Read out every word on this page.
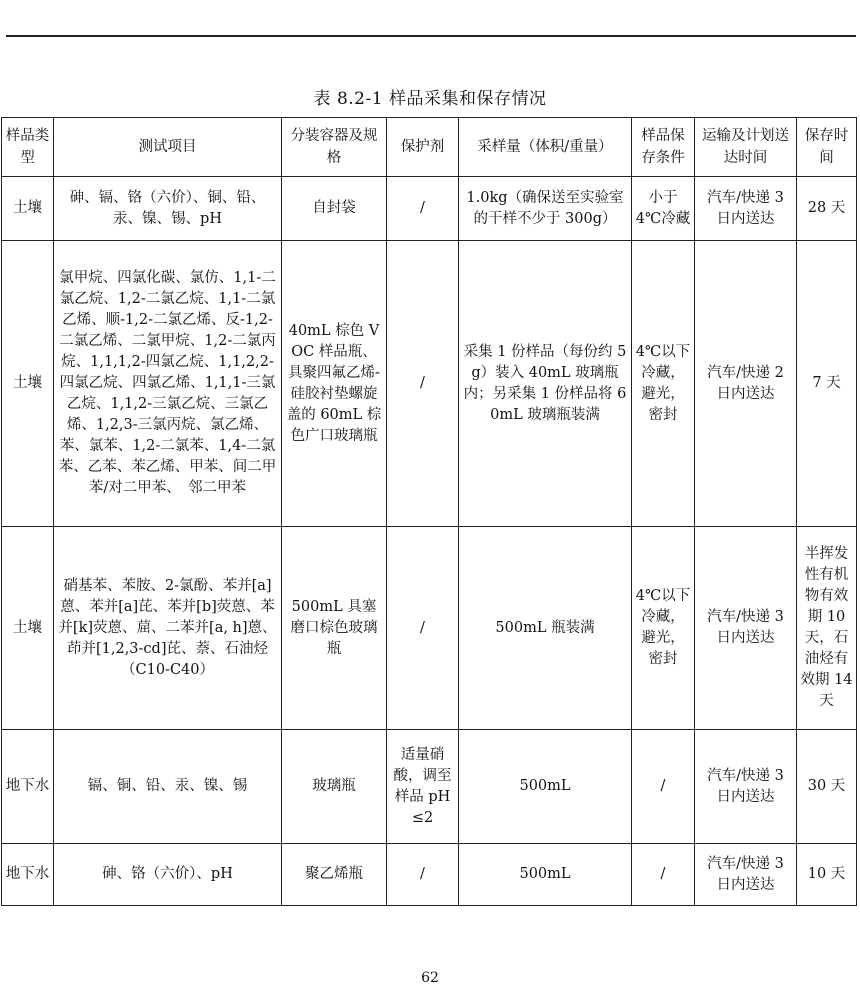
表 8.2-1 样品采集和保存情况
样品类型	测试项目	分装容器及规格	保护剂	采样量（体积/重量）	样品保存条件	运输及计划送达时间	保存时间
土壤	砷、镉、铬（六价）、铜、铅、汞、镍、锡、pH	自封袋	/	1.0kg（确保送至实验室的干样不少于 300g）	小于 4℃冷藏	汽车/快递 3 日内送达	28 天
土壤	氯甲烷、四氯化碳、氯仿、1,1-二氯乙烷、1,2-二氯乙烷、1,1-二氯乙烯、顺-1,2-二氯乙烯、反-1,2-二氯乙烯、二氯甲烷、1,2-二氯丙烷、1,1,1,2-四氯乙烷、1,1,2,2-四氯乙烷、四氯乙烯、1,1,1-三氯乙烷、1,1,2-三氯乙烷、三氯乙烯、1,2,3-三氯丙烷、氯乙烯、苯、氯苯、1,2-二氯苯、1,4-二氯苯、乙苯、苯乙烯、甲苯、间二甲苯/对二甲苯、　邻二甲苯	40mL 棕色 VOC 样品瓶、具聚四氟乙烯-硅胶衬垫螺旋盖的 60mL 棕色广口玻璃瓶	/	采集 1 份样品（每份约 5g）装入 40mL 玻璃瓶内；另采集 1 份样品将 60mL 玻璃瓶装满	4℃以下冷藏，避光，密封	汽车/快递 2 日内送达	7 天
土壤	硝基苯、苯胺、2-氯酚、苯并[a]蒽、苯并[a]芘、苯并[b]荧蒽、苯并[k]荧蒽、䓛、二苯并[a, h]蒽、茚并[1,2,3-cd]芘、萘、石油烃（C10-C40）	500mL 具塞磨口棕色玻璃瓶	/	500mL 瓶装满	4℃以下冷藏，避光，密封	汽车/快递 3 日内送达	半挥发性有机物有效期 10 天，石油烃有效期 14 天
地下水	镉、铜、铅、汞、镍、锡	玻璃瓶	适量硝酸，调至样品 pH≤2	500mL	/	汽车/快递 3 日内送达	30 天
地下水	砷、铬（六价）、pH	聚乙烯瓶	/	500mL	/	汽车/快递 3 日内送达	10 天
62
